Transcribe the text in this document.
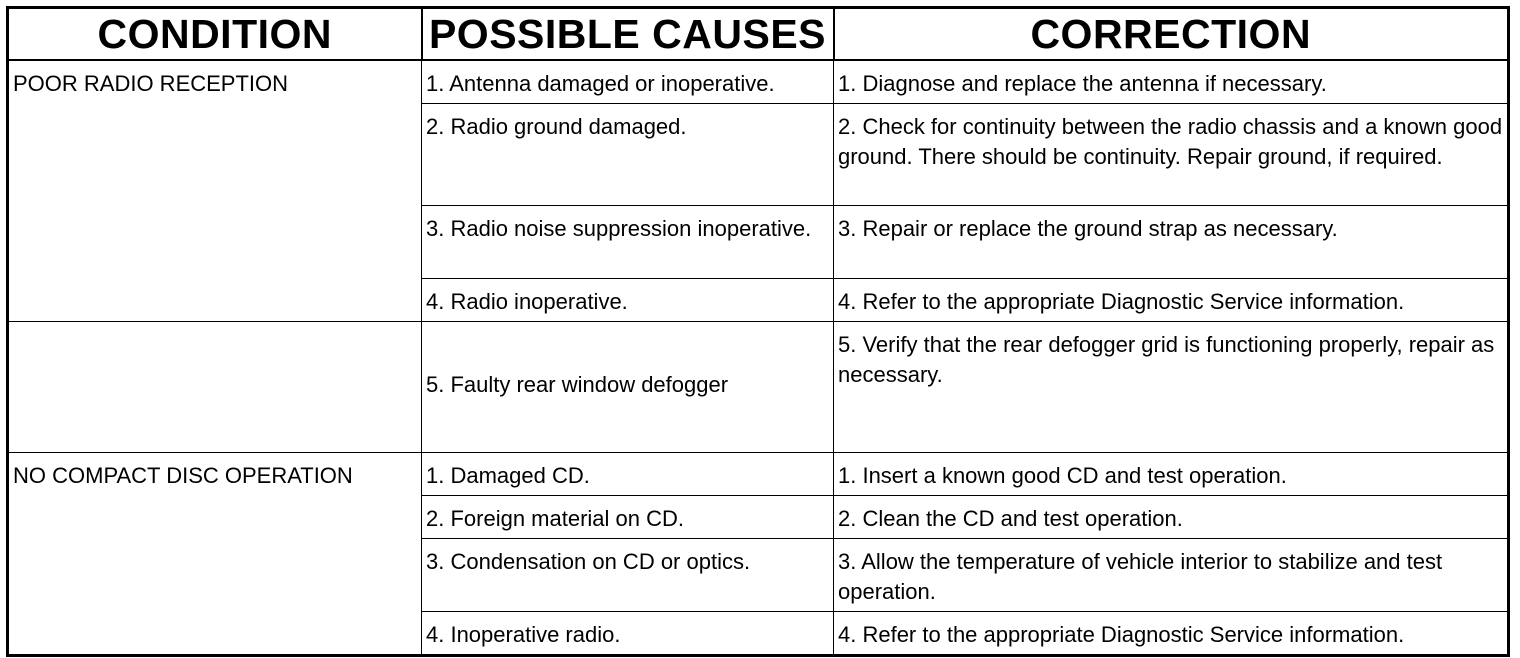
CONDITION	POSSIBLE CAUSES	CORRECTION
POOR RADIO RECEPTION	1. Antenna damaged or inoperative.	1. Diagnose and replace the antenna if necessary.
	2. Radio ground damaged.	2. Check for continuity between the radio chassis and a known good ground. There should be continuity. Repair ground, if required.
	3. Radio noise suppression inoperative.	3. Repair or replace the ground strap as necessary.
	4. Radio inoperative.	4. Refer to the appropriate Diagnostic Service information.
	5. Faulty rear window defogger	5. Verify that the rear defogger grid is functioning properly, repair as necessary.
NO COMPACT DISC OPERATION	1. Damaged CD.	1. Insert a known good CD and test operation.
	2. Foreign material on CD.	2. Clean the CD and test operation.
	3. Condensation on CD or optics.	3. Allow the temperature of vehicle interior to stabilize and test operation.
	4. Inoperative radio.	4. Refer to the appropriate Diagnostic Service information.
